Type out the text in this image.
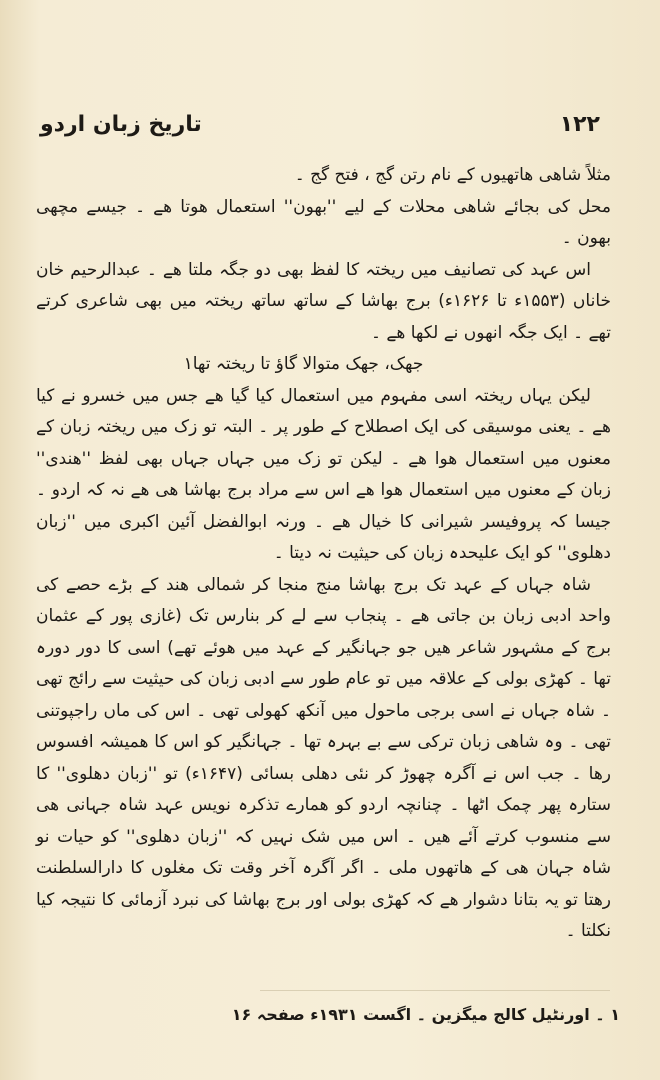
۱۲۲
تاریخ زبان اردو

مثلاً شاھی ھاتھیوں کے نام رتن گج ، فتح گج ۔

محل کی بجائے شاھی محلات کے لیے ''بھون'' استعمال ھوتا ھے ۔ جیسے مچھی بھون ۔

اس عہد کی تصانیف میں ریختہ کا لفظ بھی دو جگہ ملتا ھے ۔ عبدالرحیم خان خاناں (۱۵۵۳ء تا ۱۶۲۶ء) برج بھاشا کے ساتھ ساتھ ریختہ میں بھی شاعری کرتے تھے ۔ ایک جگہ انھوں نے لکھا ھے ۔

جھک، جھک متوالا گاؤ تا ریختہ تھا۱

لیکن یہاں ریختہ اسی مفہوم میں استعمال کیا گیا ھے جس میں خسرو نے کیا ھے ۔ یعنی موسیقی کی ایک اصطلاح کے طور پر ۔ البتہ تو زک میں ریختہ زبان کے معنوں میں استعمال ھوا ھے ۔ لیکن تو زک میں جہاں جہاں بھی لفظ ''ھندی'' زبان کے معنوں میں استعمال ھوا ھے اس سے مراد برج بھاشا ھی ھے نہ کہ اردو ۔ جیسا کہ پروفیسر شیرانی کا خیال ھے ۔ ورنہ ابوالفضل آئین اکبری میں ''زبان دھلوی'' کو ایک علیحدہ زبان کی حیثیت نہ دیتا ۔

شاہ جہاں کے عہد تک برج بھاشا منج منجا کر شمالی ھند کے بڑے حصے کی واحد ادبی زبان بن جاتی ھے ۔ پنجاب سے لے کر بنارس تک (غازی پور کے عثمان برج کے مشہور شاعر ھیں جو جہانگیر کے عہد میں ھوئے تھے) اسی کا دور دورہ تھا ۔ کھڑی بولی کے علاقہ میں تو عام طور سے ادبی زبان کی حیثیت سے رائج تھی ۔ شاہ جہاں نے اسی برجی ماحول میں آنکھ کھولی تھی ۔ اس کی ماں راجپوتنی تھی ۔ وہ شاھی زبان ترکی سے بے بہرہ تھا ۔ جہانگیر کو اس کا ھمیشہ افسوس رھا ۔ جب اس نے آگرہ چھوڑ کر نئی دھلی بسائی (۱۶۴۷ء) تو ''زبان دھلوی'' کا ستارہ پھر چمک اٹھا ۔ چنانچہ اردو کو ھمارے تذکرہ نویس عہد شاہ جہانی ھی سے منسوب کرتے آئے ھیں ۔ اس میں شک نہیں کہ ''زبان دھلوی'' کو حیات نو شاہ جہان ھی کے ھاتھوں ملی ۔ اگر آگرہ آخر وقت تک مغلوں کا دارالسلطنت رھتا تو یہ بتانا دشوار ھے کہ کھڑی بولی اور برج بھاشا کی نبرد آزمائی کا نتیجہ کیا نکلتا ۔

۱ ۔ اورنٹیل کالج میگزین ۔ اگست ۱۹۳۱ء صفحہ ۱۶
